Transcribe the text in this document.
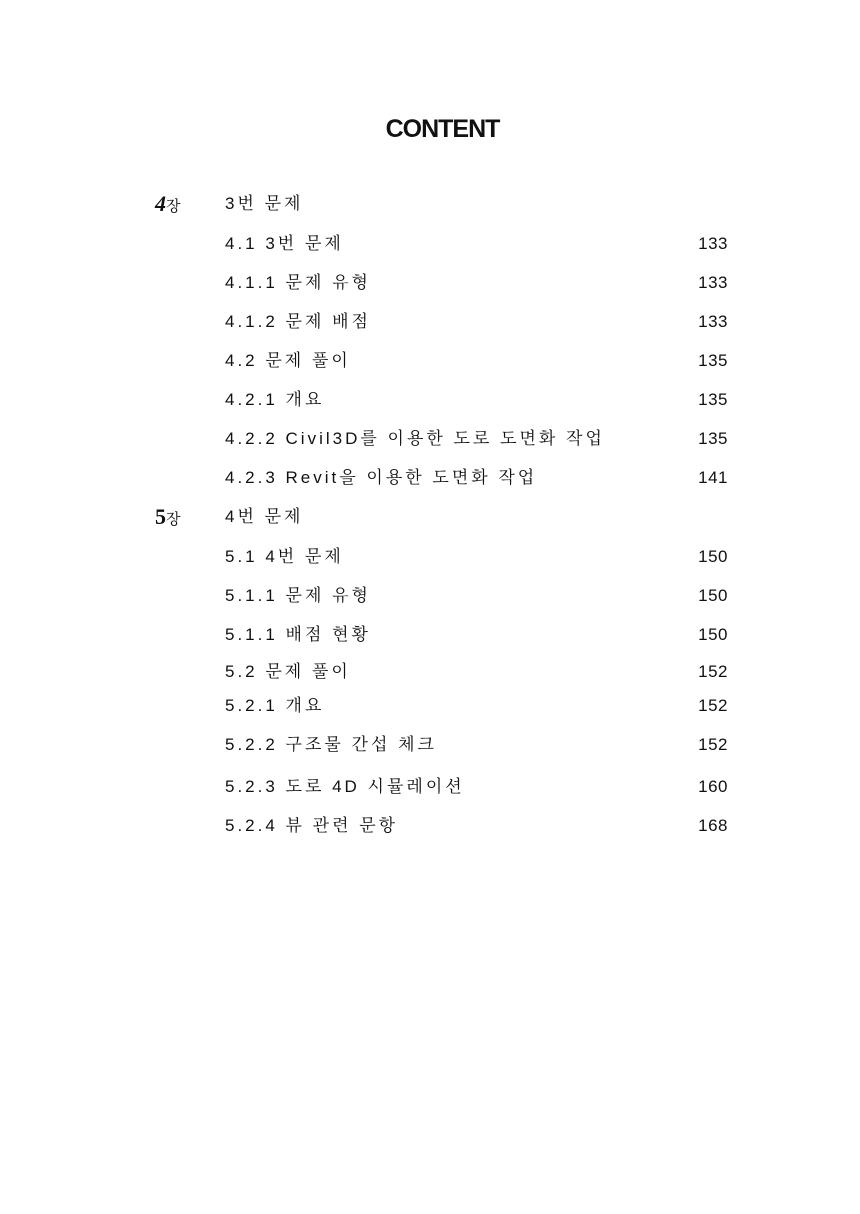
CONTENT
4장	3번 문제
4.1 3번 문제	133
4.1.1 문제 유형	133
4.1.2 문제 배점	133
4.2 문제 풀이	135
4.2.1 개요	135
4.2.2 Civil3D를 이용한 도로 도면화 작업	135
4.2.3 Revit을 이용한 도면화 작업	141
5장	4번 문제
5.1 4번 문제	150
5.1.1 문제 유형	150
5.1.1 배점 현황	150
5.2 문제 풀이	152
5.2.1 개요	152
5.2.2 구조물 간섭 체크	152
5.2.3 도로 4D 시뮬레이션	160
5.2.4 뷰 관련 문항	168
